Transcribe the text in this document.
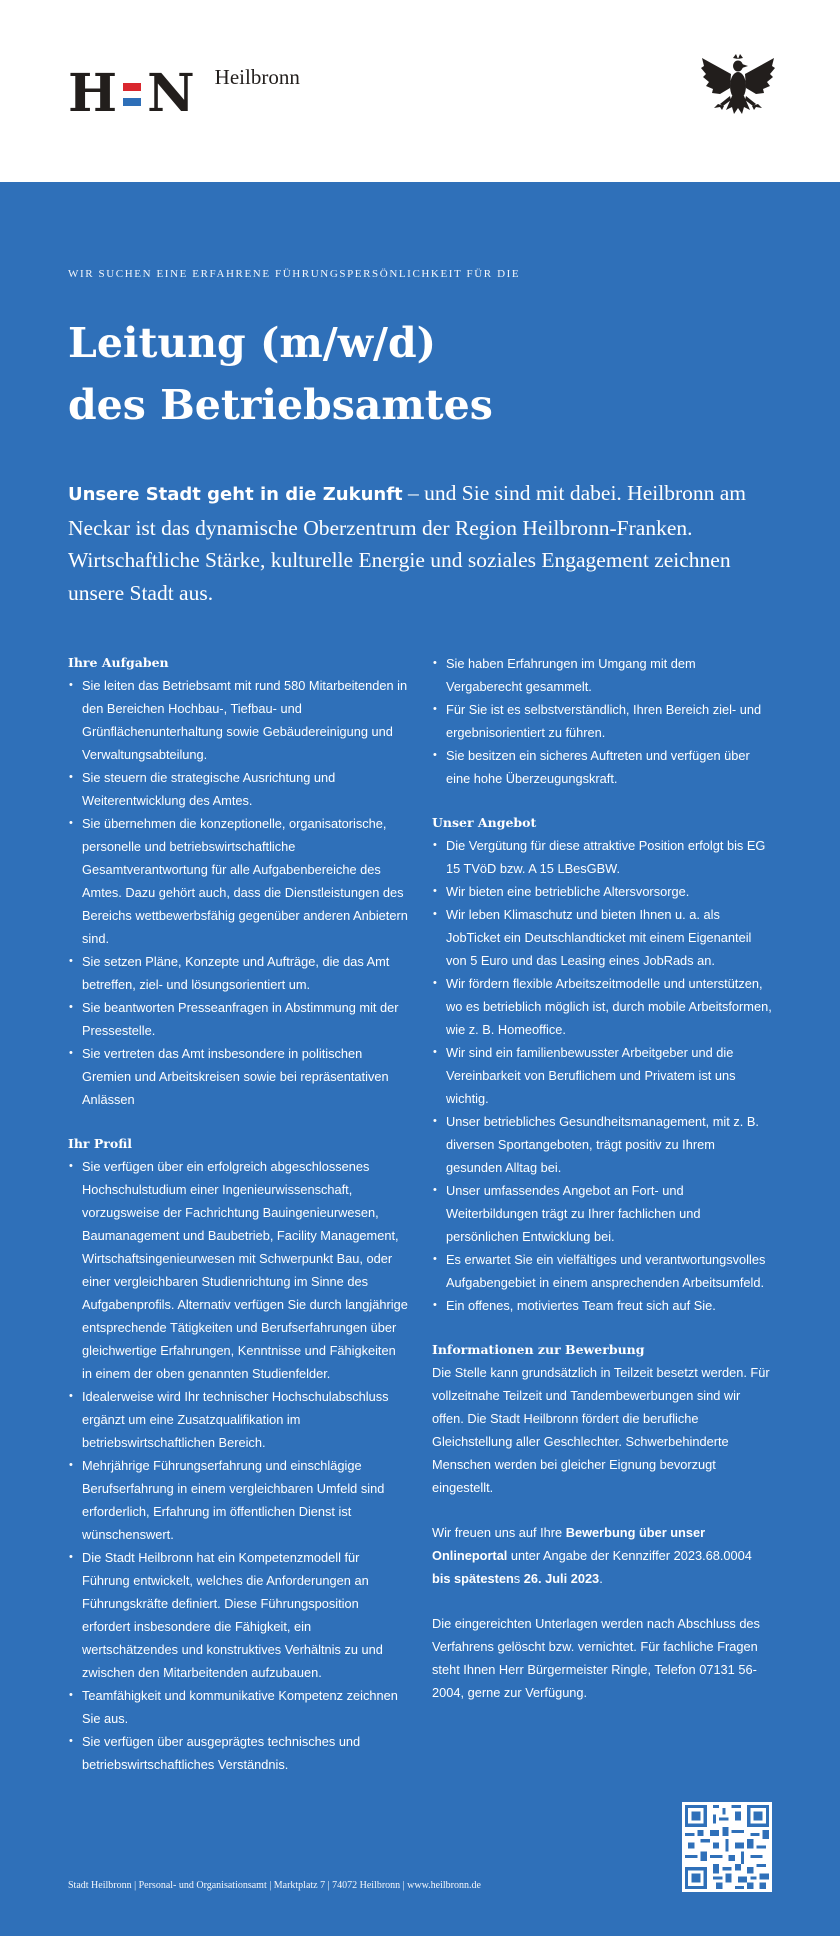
H N Heilbronn
WIR SUCHEN EINE ERFAHRENE FÜHRUNGSPERSÖNLICHKEIT FÜR DIE
Leitung (m/w/d)
des Betriebsamtes

Unsere Stadt geht in die Zukunft – und Sie sind mit dabei. Heilbronn am Neckar ist das dynamische Oberzentrum der Region Heilbronn-Franken. Wirtschaftliche Stärke, kulturelle Energie und soziales Engagement zeichnen unsere Stadt aus.

Ihre Aufgaben
• Sie leiten das Betriebsamt mit rund 580 Mitarbeitenden in den Bereichen Hochbau-, Tiefbau- und Grünflächenunterhaltung sowie Gebäudereinigung und Verwaltungsabteilung.
• Sie steuern die strategische Ausrichtung und Weiterentwicklung des Amtes.
• Sie übernehmen die konzeptionelle, organisatorische, personelle und betriebswirtschaftliche Gesamtverantwortung für alle Aufgabenbereiche des Amtes. Dazu gehört auch, dass die Dienstleistungen des Bereichs wettbewerbsfähig gegenüber anderen Anbietern sind.
• Sie setzen Pläne, Konzepte und Aufträge, die das Amt betreffen, ziel- und lösungsorientiert um.
• Sie beantworten Presseanfragen in Abstimmung mit der Pressestelle.
• Sie vertreten das Amt insbesondere in politischen Gremien und Arbeitskreisen sowie bei repräsentativen Anlässen
Ihr Profil
• Sie verfügen über ein erfolgreich abgeschlossenes Hochschulstudium einer Ingenieurwissenschaft, vorzugsweise der Fachrichtung Bauingenieurwesen, Baumanagement und Baubetrieb, Facility Management, Wirtschaftsingenieurwesen mit Schwerpunkt Bau, oder einer vergleichbaren Studienrichtung im Sinne des Aufgabenprofils. Alternativ verfügen Sie durch langjährige entsprechende Tätigkeiten und Berufserfahrungen über gleichwertige Erfahrungen, Kenntnisse und Fähigkeiten in einem der oben genannten Studienfelder.
• Idealerweise wird Ihr technischer Hochschulabschluss ergänzt um eine Zusatzqualifikation im betriebswirtschaftlichen Bereich.
• Mehrjährige Führungserfahrung und einschlägige Berufserfahrung in einem vergleichbaren Umfeld sind erforderlich, Erfahrung im öffentlichen Dienst ist wünschenswert.
• Die Stadt Heilbronn hat ein Kompetenzmodell für Führung entwickelt, welches die Anforderungen an Führungskräfte definiert. Diese Führungsposition erfordert insbesondere die Fähigkeit, ein wertschätzendes und konstruktives Verhältnis zu und zwischen den Mitarbeitenden aufzubauen.
• Teamfähigkeit und kommunikative Kompetenz zeichnen Sie aus.
• Sie verfügen über ausgeprägtes technisches und betriebswirtschaftliches Verständnis.
• Sie haben Erfahrungen im Umgang mit dem Vergaberecht gesammelt.
• Für Sie ist es selbstverständlich, Ihren Bereich ziel- und ergebnisorientiert zu führen.
• Sie besitzen ein sicheres Auftreten und verfügen über eine hohe Überzeugungskraft.
Unser Angebot
• Die Vergütung für diese attraktive Position erfolgt bis EG 15 TVöD bzw. A 15 LBesGBW.
• Wir bieten eine betriebliche Altersvorsorge.
• Wir leben Klimaschutz und bieten Ihnen u. a. als JobTicket ein Deutschlandticket mit einem Eigenanteil von 5 Euro und das Leasing eines JobRads an.
• Wir fördern flexible Arbeitszeitmodelle und unterstützen, wo es betrieblich möglich ist, durch mobile Arbeitsformen, wie z. B. Homeoffice.
• Wir sind ein familienbewusster Arbeitgeber und die Vereinbarkeit von Beruflichem und Privatem ist uns wichtig.
• Unser betriebliches Gesundheitsmanagement, mit z. B. diversen Sportangeboten, trägt positiv zu Ihrem gesunden Alltag bei.
• Unser umfassendes Angebot an Fort- und Weiterbildungen trägt zu Ihrer fachlichen und persönlichen Entwicklung bei.
• Es erwartet Sie ein vielfältiges und verantwortungsvolles Aufgabengebiet in einem ansprechenden Arbeitsumfeld.
• Ein offenes, motiviertes Team freut sich auf Sie.
Informationen zur Bewerbung

Die Stelle kann grundsätzlich in Teilzeit besetzt werden. Für vollzeitnahe Teilzeit und Tandembewerbungen sind wir offen. Die Stadt Heilbronn fördert die berufliche Gleichstellung aller Geschlechter. Schwerbehinderte Menschen werden bei gleicher Eignung bevorzugt eingestellt.

Wir freuen uns auf Ihre Bewerbung über unser Onlineportal unter Angabe der Kennziffer 2023.68.0004 bis spätestens 26. Juli 2023.

Die eingereichten Unterlagen werden nach Abschluss des Verfahrens gelöscht bzw. vernichtet. Für fachliche Fragen steht Ihnen Herr Bürgermeister Ringle, Telefon 07131 56-2004, gerne zur Verfügung.

Stadt Heilbronn | Personal- und Organisationsamt | Marktplatz 7 | 74072 Heilbronn | www.heilbronn.de
